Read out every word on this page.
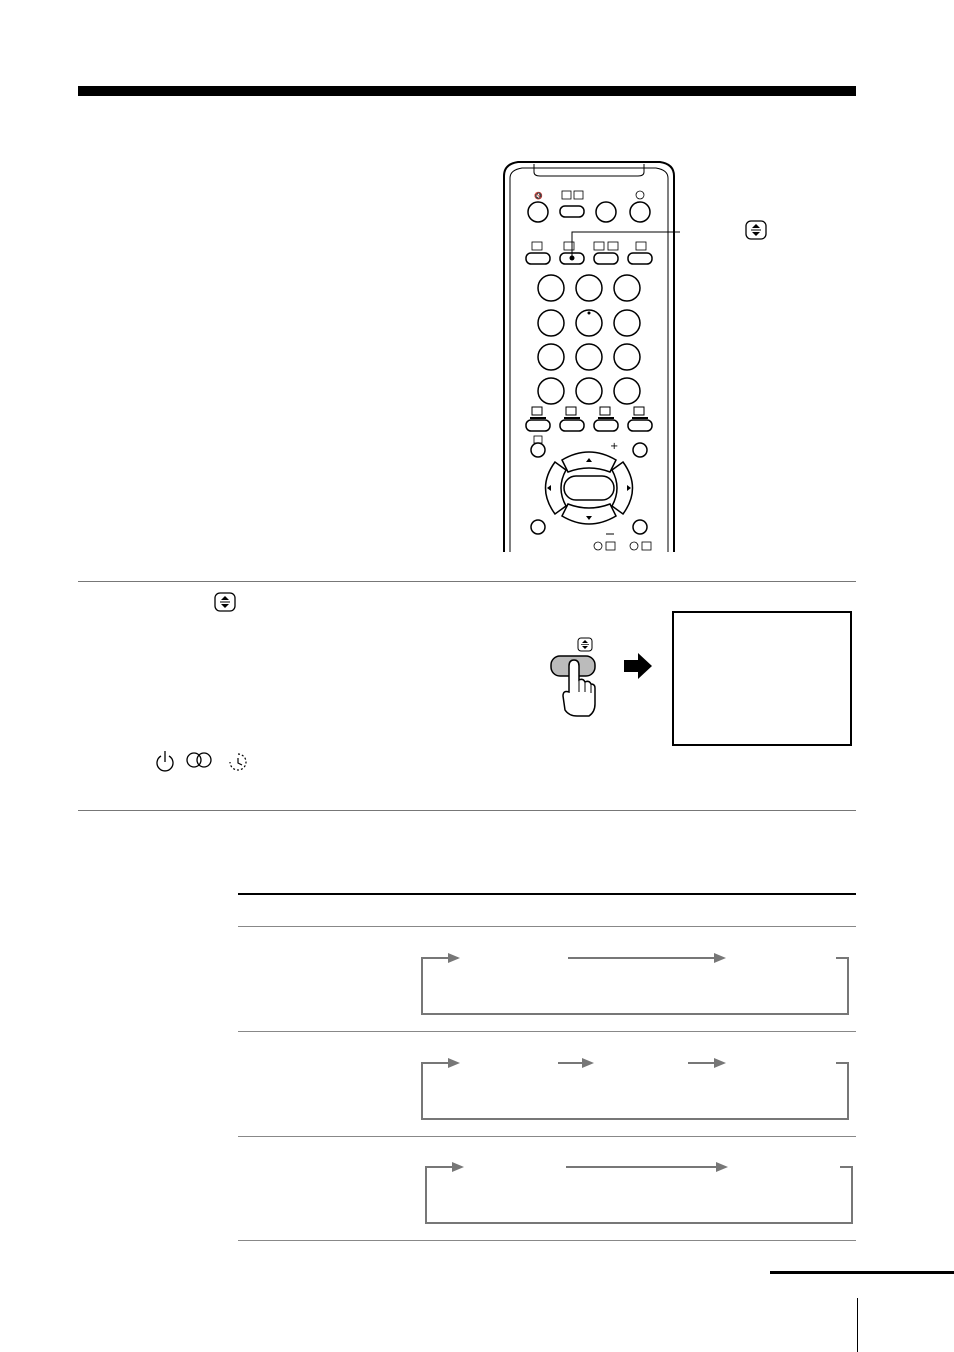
🔇
+
